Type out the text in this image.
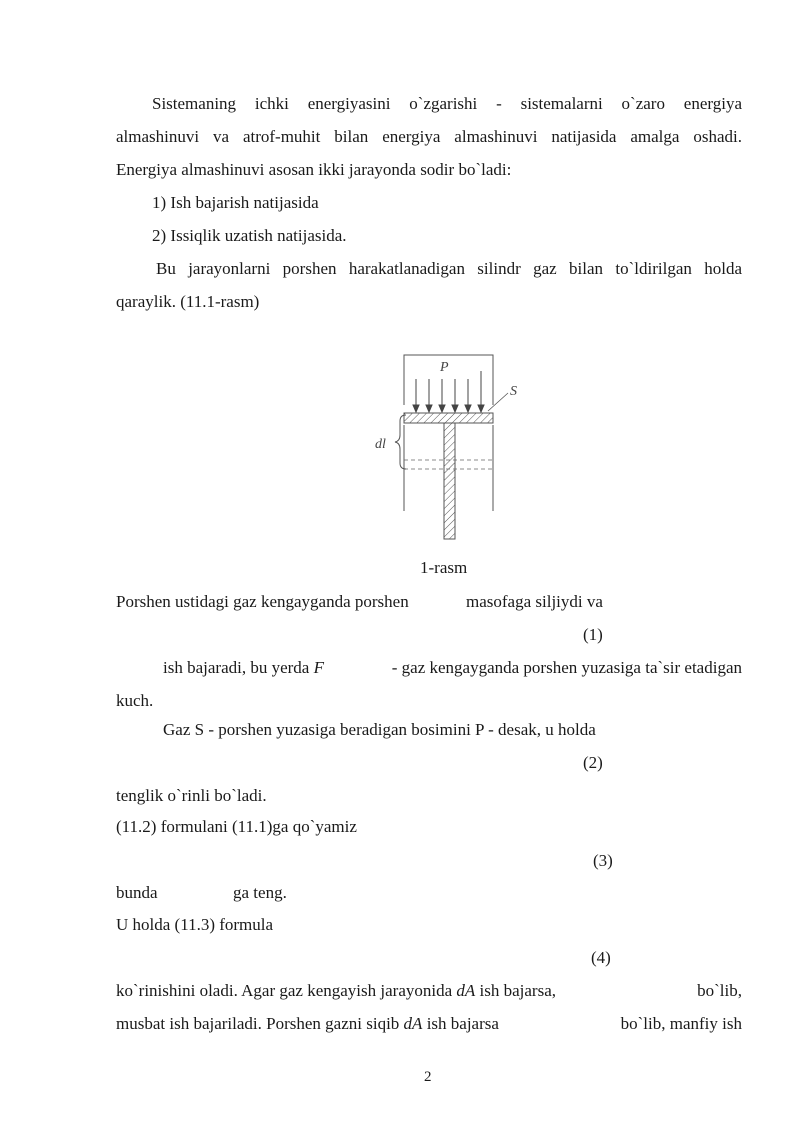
Sistemaning ichki energiyasini o`zgarishi - sistemalarni o`zaro energiya
almashinuvi va atrof-muhit bilan energiya almashinuvi natijasida amalga oshadi.
Energiya almashinuvi asosan ikki jarayonda sodir bo`ladi:
1) Ish bajarish natijasida
2) Issiqlik uzatish natijasida.
Bu jarayonlarni porshen harakatlanadigan silindr gaz bilan to`ldirilgan holda
qaraylik. (11.1-rasm)
P
S
dl
1-rasm
Porshen ustidagi gaz kengayganda porshen	masofaga siljiydi va
(1)
ish bajaradi, bu yerda F	- gaz kengayganda porshen yuzasiga ta`sir etadigan
kuch.
Gaz S - porshen yuzasiga beradigan bosimini P - desak, u holda
(2)
tenglik o`rinli bo`ladi.
(11.2) formulani (11.1)ga qo`yamiz
(3)
bunda	ga teng.
U holda (11.3) formula
(4)
ko`rinishini oladi. Agar gaz kengayish jarayonida dA ish bajarsa,	bo`lib,
musbat ish bajariladi. Porshen gazni siqib dA ish bajarsa	bo`lib, manfiy ish
2
